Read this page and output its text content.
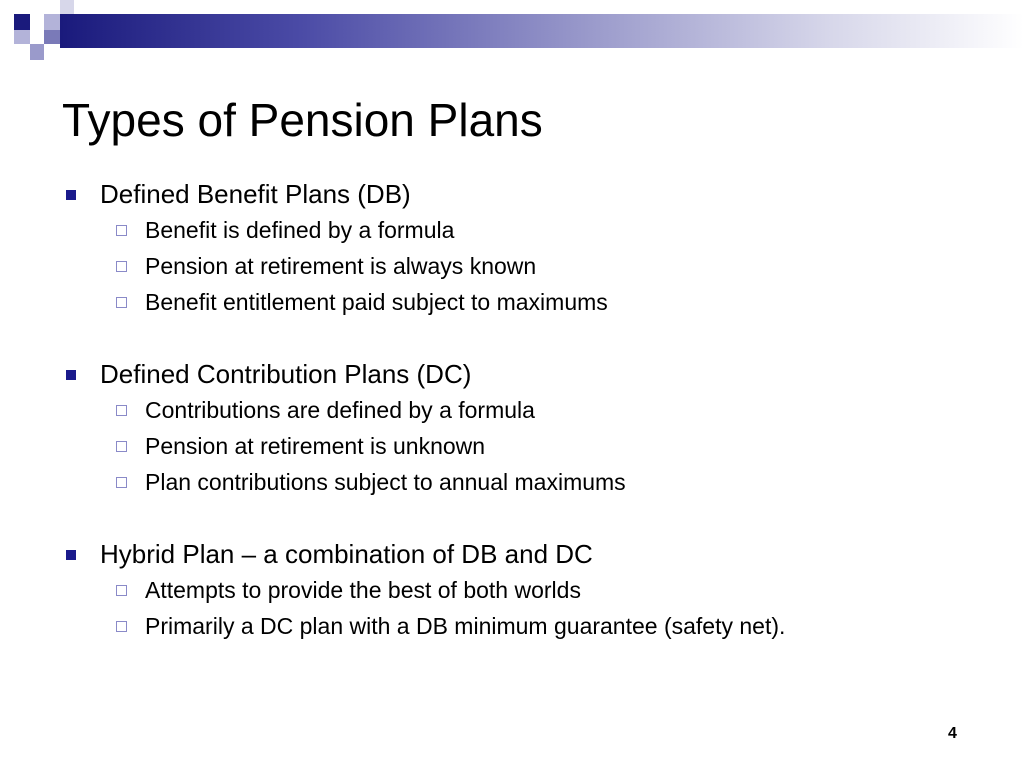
Types of Pension Plans
Defined Benefit Plans (DB)
Benefit is defined by a formula
Pension at retirement is always known
Benefit entitlement paid subject to maximums
Defined Contribution Plans (DC)
Contributions are defined by a formula
Pension at retirement is unknown
Plan contributions subject to annual maximums
Hybrid Plan – a combination of DB and DC
Attempts to provide the best of both worlds
Primarily a DC plan with a DB minimum guarantee (safety net).
4
